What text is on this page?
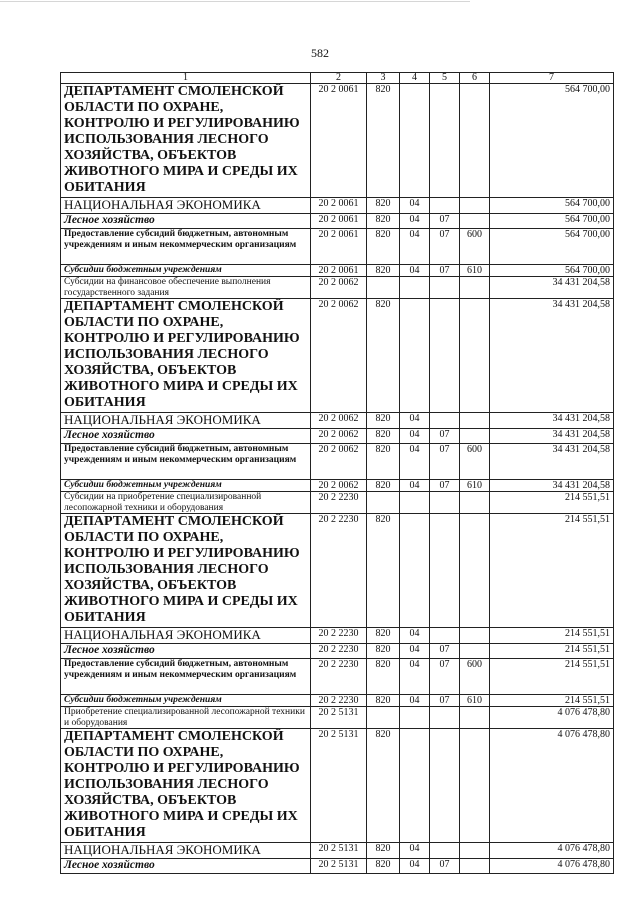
582
1	2	3	4	5	6	7
ДЕПАРТАМЕНТ СМОЛЕНСКОЙ ОБЛАСТИ ПО ОХРАНЕ, КОНТРОЛЮ И РЕГУЛИРОВАНИЮ ИСПОЛЬЗОВАНИЯ ЛЕСНОГО ХОЗЯЙСТВА, ОБЪЕКТОВ ЖИВОТНОГО МИРА И СРЕДЫ ИХ ОБИТАНИЯ	20 2 0061	820				564 700,00
НАЦИОНАЛЬНАЯ ЭКОНОМИКА	20 2 0061	820	04			564 700,00
Лесное хозяйство	20 2 0061	820	04	07		564 700,00
Предоставление субсидий бюджетным, автономным учреждениям и иным некоммерческим организациям	20 2 0061	820	04	07	600	564 700,00
Субсидии бюджетным учреждениям	20 2 0061	820	04	07	610	564 700,00
Субсидии на финансовое обеспечение выполнения государственного задания	20 2 0062					34 431 204,58
ДЕПАРТАМЕНТ СМОЛЕНСКОЙ ОБЛАСТИ ПО ОХРАНЕ, КОНТРОЛЮ И РЕГУЛИРОВАНИЮ ИСПОЛЬЗОВАНИЯ ЛЕСНОГО ХОЗЯЙСТВА, ОБЪЕКТОВ ЖИВОТНОГО МИРА И СРЕДЫ ИХ ОБИТАНИЯ	20 2 0062	820				34 431 204,58
НАЦИОНАЛЬНАЯ ЭКОНОМИКА	20 2 0062	820	04			34 431 204,58
Лесное хозяйство	20 2 0062	820	04	07		34 431 204,58
Предоставление субсидий бюджетным, автономным учреждениям и иным некоммерческим организациям	20 2 0062	820	04	07	600	34 431 204,58
Субсидии бюджетным учреждениям	20 2 0062	820	04	07	610	34 431 204,58
Субсидии на приобретение специализированной лесопожарной техники и оборудования	20 2 2230					214 551,51
ДЕПАРТАМЕНТ СМОЛЕНСКОЙ ОБЛАСТИ ПО ОХРАНЕ, КОНТРОЛЮ И РЕГУЛИРОВАНИЮ ИСПОЛЬЗОВАНИЯ ЛЕСНОГО ХОЗЯЙСТВА, ОБЪЕКТОВ ЖИВОТНОГО МИРА И СРЕДЫ ИХ ОБИТАНИЯ	20 2 2230	820				214 551,51
НАЦИОНАЛЬНАЯ ЭКОНОМИКА	20 2 2230	820	04			214 551,51
Лесное хозяйство	20 2 2230	820	04	07		214 551,51
Предоставление субсидий бюджетным, автономным учреждениям и иным некоммерческим организациям	20 2 2230	820	04	07	600	214 551,51
Субсидии бюджетным учреждениям	20 2 2230	820	04	07	610	214 551,51
Приобретение специализированной лесопожарной техники и оборудования	20 2 5131					4 076 478,80
ДЕПАРТАМЕНТ СМОЛЕНСКОЙ ОБЛАСТИ ПО ОХРАНЕ, КОНТРОЛЮ И РЕГУЛИРОВАНИЮ ИСПОЛЬЗОВАНИЯ ЛЕСНОГО ХОЗЯЙСТВА, ОБЪЕКТОВ ЖИВОТНОГО МИРА И СРЕДЫ ИХ ОБИТАНИЯ	20 2 5131	820				4 076 478,80
НАЦИОНАЛЬНАЯ ЭКОНОМИКА	20 2 5131	820	04			4 076 478,80
Лесное хозяйство	20 2 5131	820	04	07		4 076 478,80
